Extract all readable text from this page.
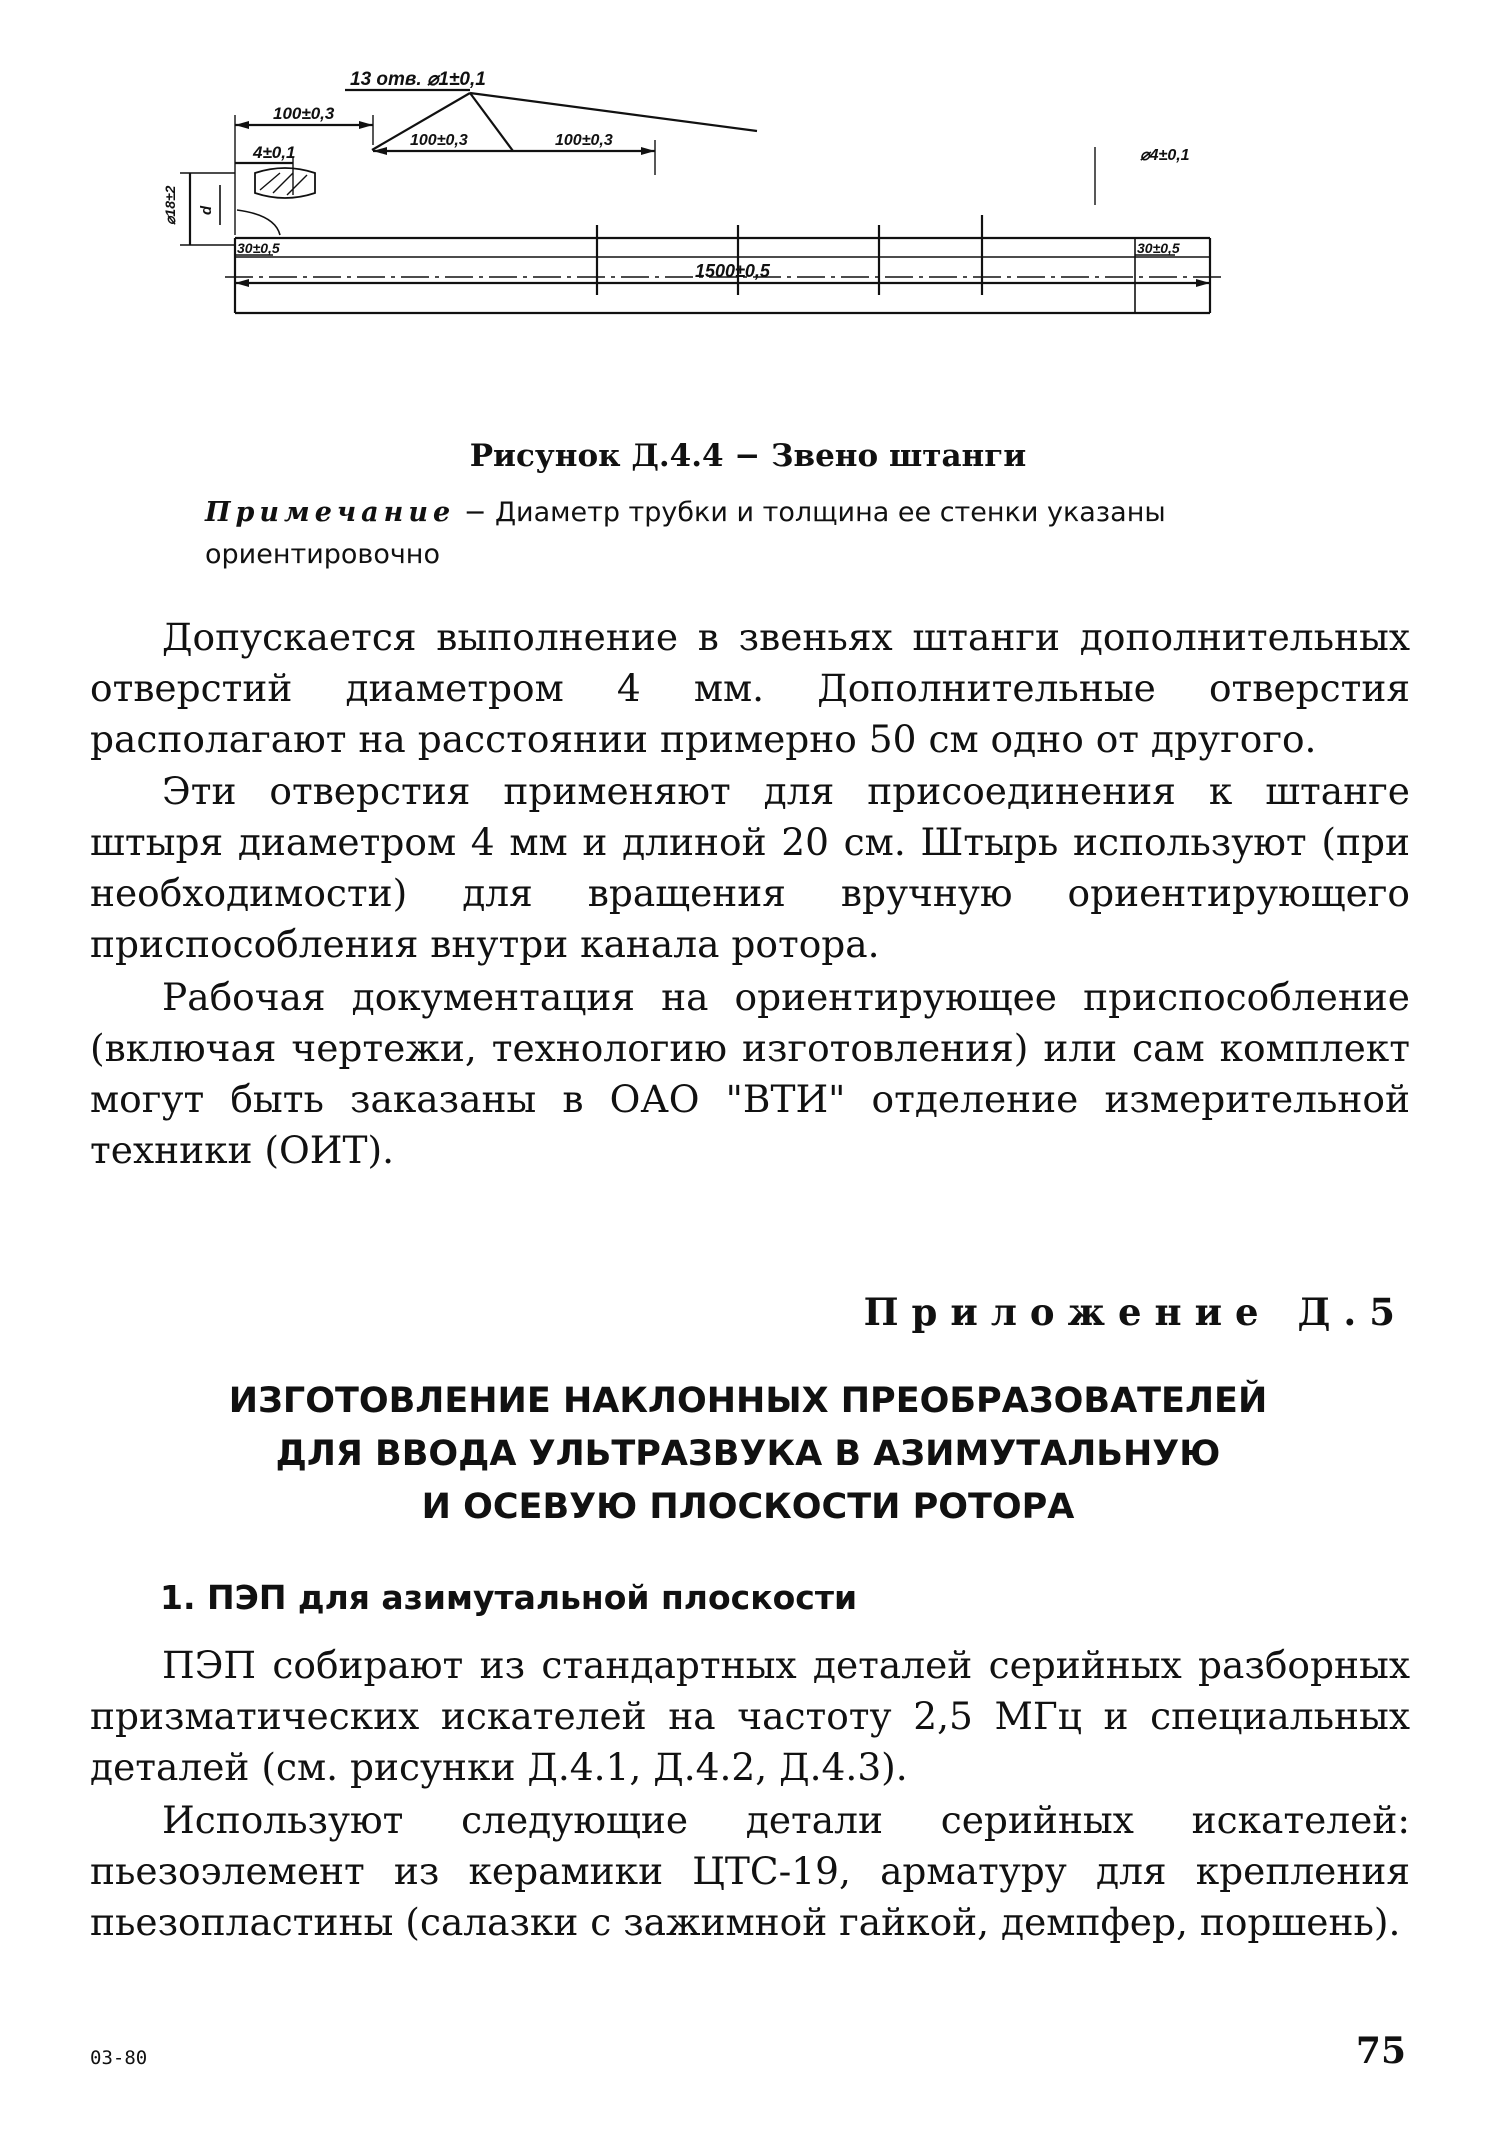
13 отв. ⌀1±0,1
100±0,3
100±0,3	100±0,3
4±0,1	⌀4±0,1
⌀18±2 d
30±0,5	30±0,5
1500±0,5
Рисунок Д.4.4 − Звено штанги
Примечание − Диаметр трубки и толщина ее стенки указаны ориентировочно

Допускается выполнение в звеньях штанги дополнительных отверстий диаметром 4 мм. Дополнительные отверстия располагают на расстоянии примерно 50 см одно от другого.

Эти отверстия применяют для присоединения к штанге штыря диаметром 4 мм и длиной 20 см. Штырь используют (при необходимости) для вращения вручную ориентирующего приспособления внутри канала ротора.

Рабочая документация на ориентирующее приспособление (включая чертежи, технологию изготовления) или сам комплект могут быть заказаны в ОАО "ВТИ" отделение измерительной техники (ОИТ).

Приложение Д.5
ИЗГОТОВЛЕНИЕ НАКЛОННЫХ ПРЕОБРАЗОВАТЕЛЕЙ
ДЛЯ ВВОДА УЛЬТРАЗВУКА В АЗИМУТАЛЬНУЮ
И ОСЕВУЮ ПЛОСКОСТИ РОТОРА
1. ПЭП для азимутальной плоскости

ПЭП собирают из стандартных деталей серийных разборных призматических искателей на частоту 2,5 МГц и специальных деталей (см. рисунки Д.4.1, Д.4.2, Д.4.3).

Используют следующие детали серийных искателей: пьезоэлемент из керамики ЦТС-19, арматуру для крепления пьезопластины (салазки с зажимной гайкой, демпфер, поршень).

03-80	75
